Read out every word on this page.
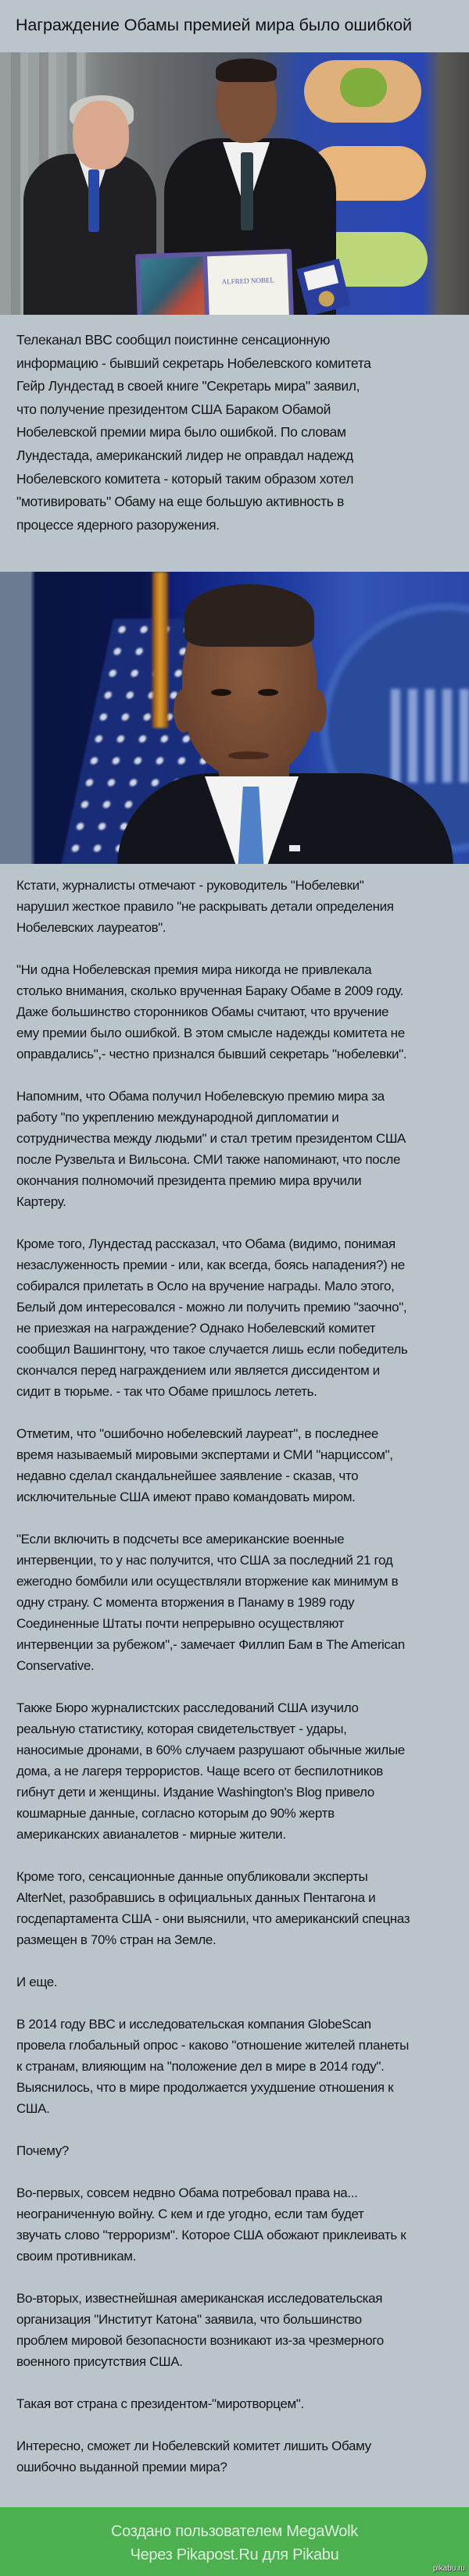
Награждение Обамы премией мира было ошибкой
ALFRED NOBEL
Телеканал BBC сообщил поистинне сенсационную
информацию - бывший секретарь Нобелевского комитета
Гейр Лундестад в своей книге "Секретарь мира" заявил,
что получение президентом США Бараком Обамой
Нобелевской премии мира было ошибкой. По словам
Лундестада, американский лидер не оправдал надежд
Нобелевского комитета - который таким образом хотел
"мотивировать" Обаму на еще большую активность в
процессе ядерного разоружения.
Кстати, журналисты отмечают - руководитель "Нобелевки"
нарушил жесткое правило "не раскрывать детали определения
Нобелевских лауреатов".
"Ни одна Нобелевская премия мира никогда не привлекала
столько внимания, сколько врученная Бараку Обаме в 2009 году.
Даже большинство сторонников Обамы считают, что вручение
ему премии было ошибкой. В этом смысле надежды комитета не
оправдались",- честно признался бывший секретарь "нобелевки".
Напомним, что Обама получил Нобелевскую премию мира за
работу "по укреплению международной дипломатии и
сотрудничества между людьми" и стал третим президентом США
после Рузвельта и Вильсона. СМИ также напоминают, что после
окончания полномочий президента премию мира вручили
Картеру.
Кроме того, Лундестад рассказал, что Обама (видимо, понимая
незаслуженность премии - или, как всегда, боясь нападения?) не
собирался прилетать в Осло на вручение награды. Мало этого,
Белый дом интересовался - можно ли получить премию "заочно",
не приезжая на награждение? Однако Нобелевский комитет
сообщил Вашингтону, что такое случается лишь если победитель
скончался перед награждением или является диссидентом и
сидит в тюрьме. - так что Обаме пришлось лететь.
Отметим, что "ошибочно нобелевский лауреат", в последнее
время называемый мировыми экспертами и СМИ "нарциссом",
недавно сделал скандальнейшее заявление - сказав, что
исключительные США имеют право командовать миром.
"Если включить в подсчеты все американские военные
интервенции, то у нас получится, что США за последний 21 год
ежегодно бомбили или осуществляли вторжение как минимум в
одну страну. С момента вторжения в Панаму в 1989 году
Соединенные Штаты почти непрерывно осуществляют
интервенции за рубежом",- замечает Филлип Бам в The American
Conservative.
Также Бюро журналистских расследований США изучило
реальную статистику, которая свидетельствует - удары,
наносимые дронами, в 60% случаем разрушают обычные жилые
дома, а не лагеря террористов. Чаще всего от беспилотников
гибнут дети и женщины. Издание Washington's Blog привело
кошмарные данные, согласно которым до 90% жертв
американских авианалетов - мирные жители.
Кроме того, сенсационные данные опубликовали эксперты
AlterNet, разобравшись в официальных данных Пентагона и
госдепартамента США - они выяснили, что американский спецназ
размещен в 70% стран на Земле.
И еще.
В 2014 году BBC и исследовательская компания GlobeScan
провела глобальный опрос - каково "отношение жителей планеты
к странам, влияющим на "положение дел в мире в 2014 году".
Выяснилось, что в мире продолжается ухудшение отношения к
США.
Почему?
Во-первых, совсем недвно Обама потребовал права на...
неограниченную войну. С кем и где угодно, если там будет
звучать слово "терроризм". Которое США обожают приклеивать к
своим противникам.
Во-вторых, известнейшная американская исследовательская
организация "Институт Катона" заявила, что большинство
проблем мировой безопасности возникают из-за чрезмерного
военного присутствия США.
Такая вот страна с президентом-"миротворцем".
Интересно, сможет ли Нобелевский комитет лишить Обаму
ошибочно выданной премии мира?
Создано пользователем MegaWolk
Через Pikapost.Ru для Pikabu
pikabu.ru
